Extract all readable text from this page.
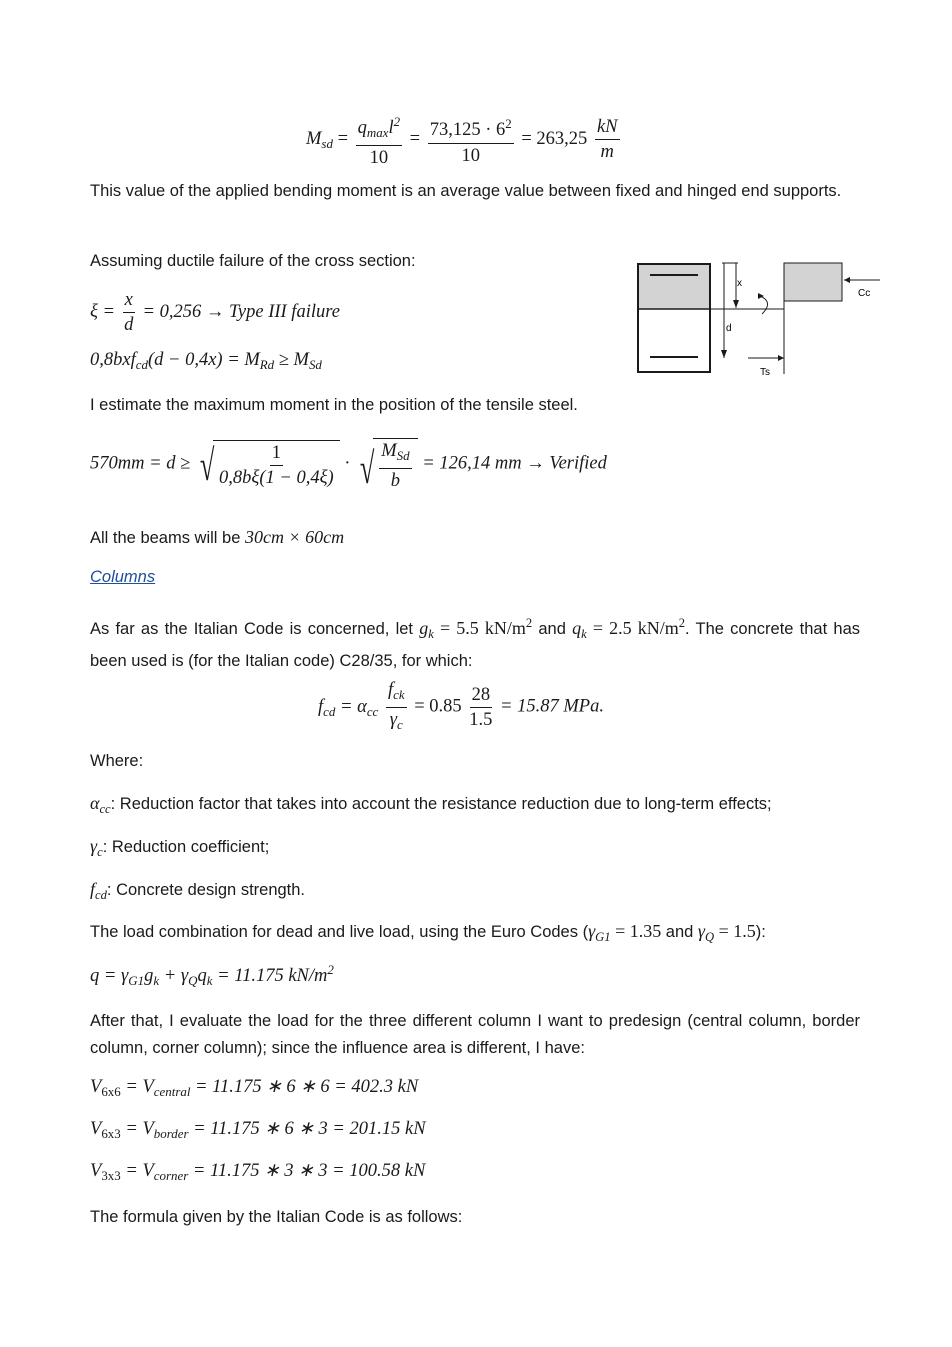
$M_{sd} = \frac{q_{max}l^2}{10} = \frac{73,125 \cdot 6^2}{10} = 263,25 \frac{kN}{m}$
This value of the applied bending moment is an average value between fixed and hinged end supports.
Assuming ductile failure of the cross section:
$\xi = \frac{x}{d} = 0,256$ → Type III failure
$0,8bxf_{cd}(d - 0,4x) = M_{Rd} \ge M_{Sd}$
x
d
Cc
Ts
I estimate the maximum moment in the position of the tensile steel.
570mm = d ≥ √ $\frac{1}{0,8b\xi(1 - 0,4\xi)}$ · √ $\frac{M_{Sd}}{b} = 126,14$ mm → Verified
All the beams will be 30cm × 60cm
Columns
As far as the Italian Code is concerned, let $g_k = 5.5$ $kN/m^2$ and $q_k = 2.5$ $kN/m^2$. The concrete that has been used is (for the Italian code) C28/35, for which:
$f_{cd} = \alpha_{cc} \frac{f_{ck}}{\gamma_c} = 0.85 \frac{28}{1.5} = 15.87$ MPa.
Where:
$\alpha_{cc}$: Reduction factor that takes into account the resistance reduction due to long-term effects;
$\gamma_c$: Reduction coefficient;
$f_{cd}$: Concrete design strength.
The load combination for dead and live load, using the Euro Codes ($\gamma_{G1} = 1.35$ and $\gamma_Q = 1.5$):
$q = \gamma_{G1}g_k + \gamma_Qq_k = 11.175$ $kN/m^2$
After that, I evaluate the load for the three different column I want to predesign (central column, border column, corner column); since the influence area is different, I have:
$V_{6x6} = V_{central} = 11.175$ ∗ 6 ∗ 6 = 402.3 kN
$V_{6x3} = V_{border} = 11.175$ ∗ 6 ∗ 3 = 201.15 kN
$V_{3x3} = V_{corner} = 11.175$ ∗ 3 ∗ 3 = 100.58 kN
The formula given by the Italian Code is as follows:
